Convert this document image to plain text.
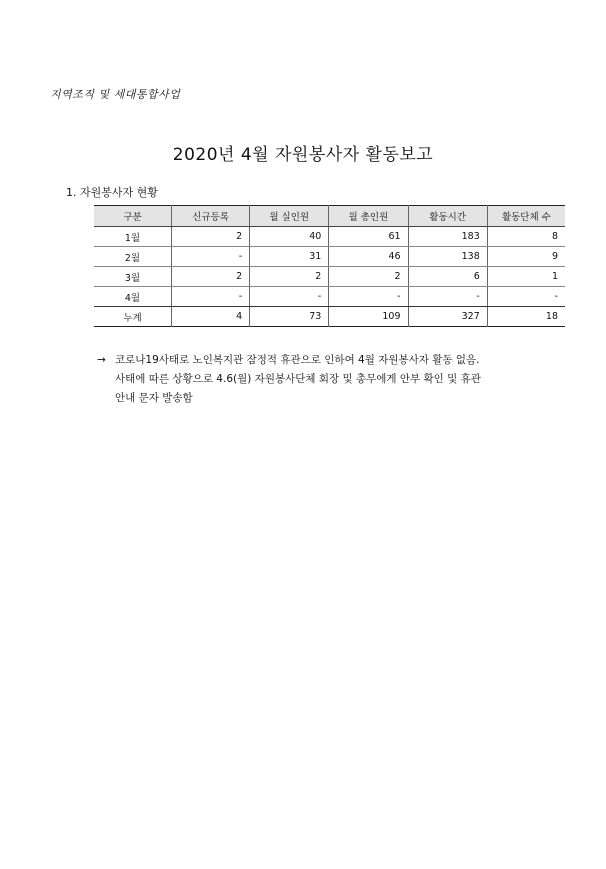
지역조직 및 세대통합사업
2020년 4월 자원봉사자 활동보고
1. 자원봉사자 현황
구분	신규등록	월 실인원	월 총인원	활동시간	활동단체 수
1월	2	40	61	183	8
2월	-	31	46	138	9
3월	2	2	2	6	1
4월	-	-	-	-	-
누계	4	73	109	327	18
→ 코로나19사태로 노인복지관 잠정적 휴관으로 인하여 4월 자원봉사자 활동 없음.
사태에 따른 상황으로 4.6(월) 자원봉사단체 회장 및 총무에게 안부 확인 및 휴관
안내 문자 발송함
